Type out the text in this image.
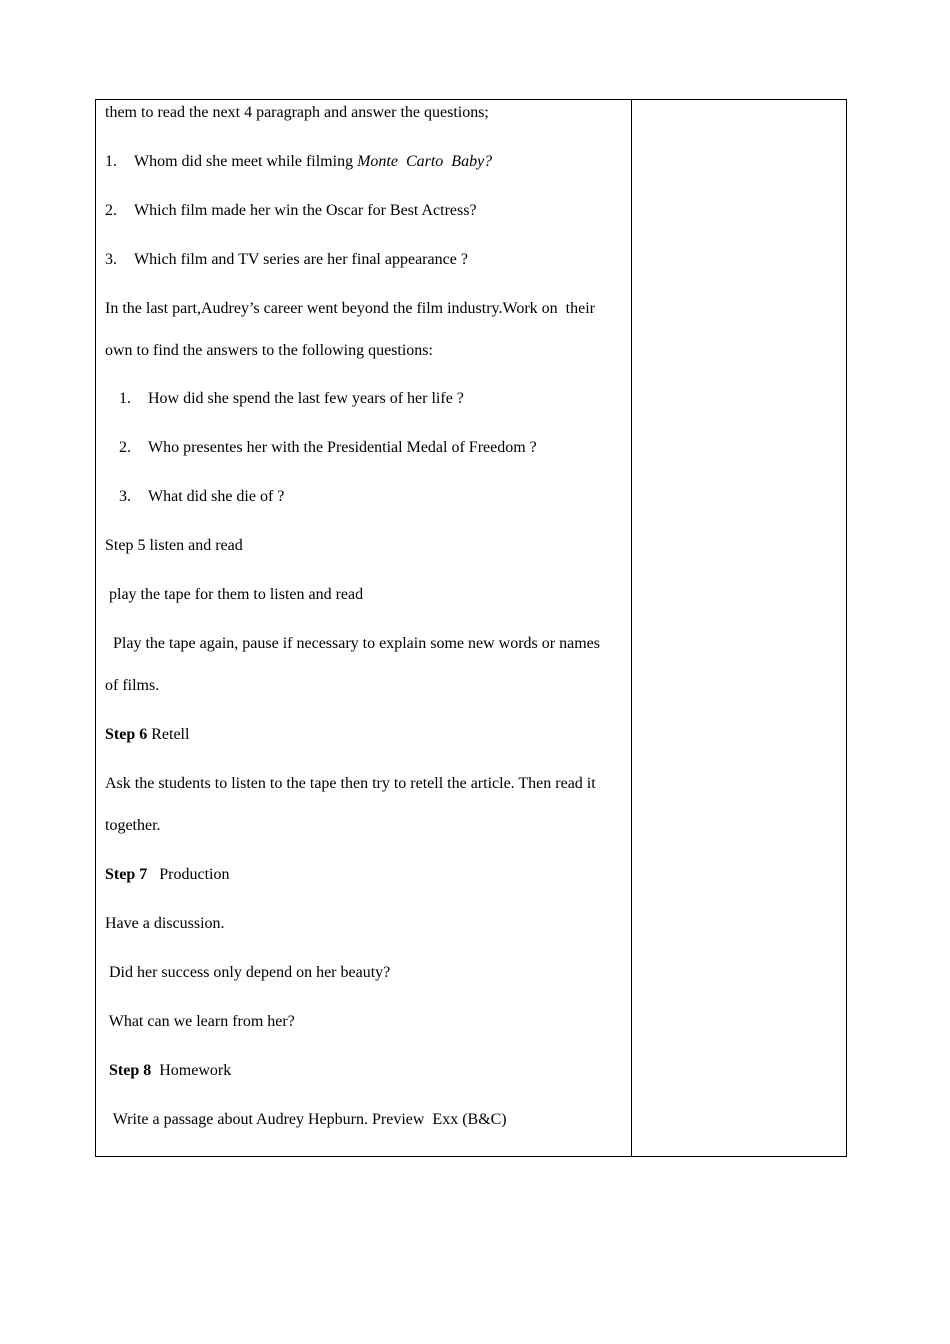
them to read the next 4 paragraph and answer the questions;
1. Whom did she meet while filming Monte  Carto  Baby?
2. Which film made her win the Oscar for Best Actress?
3. Which film and TV series are her final appearance ?
In the last part,Audrey’s career went beyond the film industry.Work on  their
own to find the answers to the following questions:
1. How did she spend the last few years of her life ?
2. Who presentes her with the Presidential Medal of Freedom ?
3. What did she die of ?
Step 5 listen and read
play the tape for them to listen and read
Play the tape again, pause if necessary to explain some new words or names
of films.
Step 6 Retell
Ask the students to listen to the tape then try to retell the article. Then read it
together.
Step 7   Production
Have a discussion.
Did her success only depend on her beauty?
What can we learn from her?
Step 8  Homework
Write a passage about Audrey Hepburn. Preview  Exx (B&C)
